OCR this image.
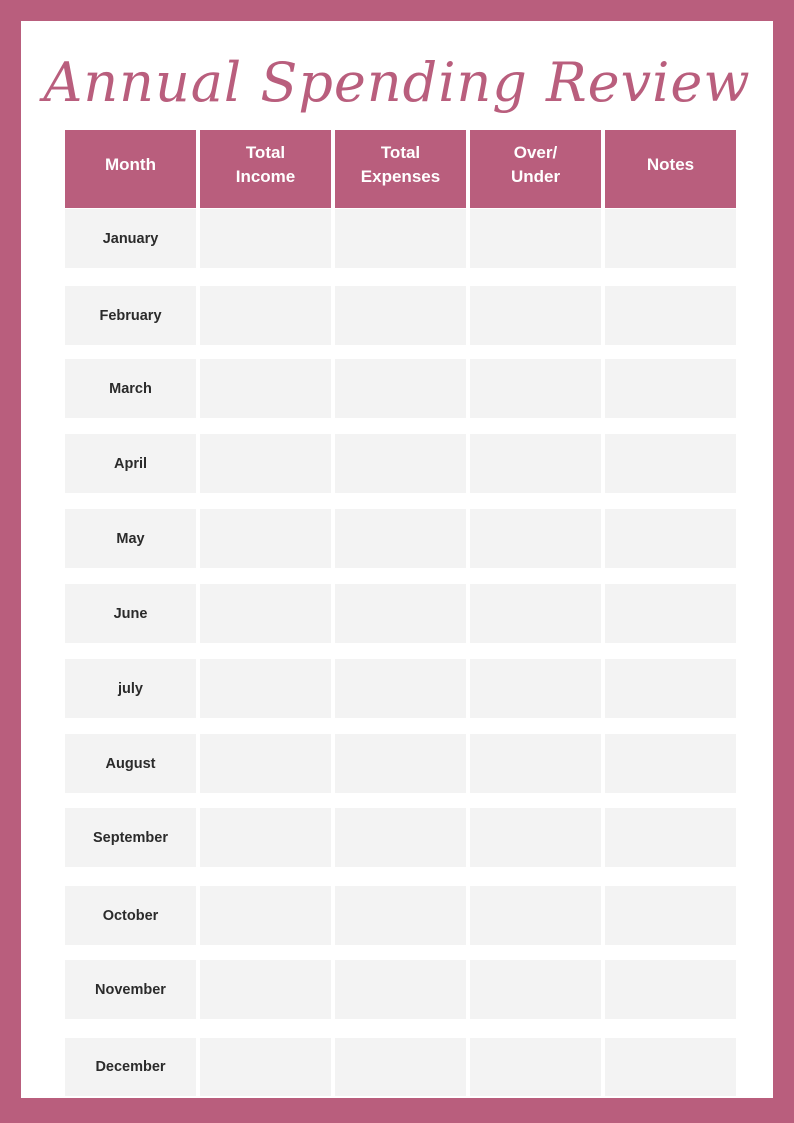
Annual Spending Review
Month
Total
Income
Total
Expenses
Over/
Under
Notes
January
February
March
April
May
June
july
August
September
October
November
December
